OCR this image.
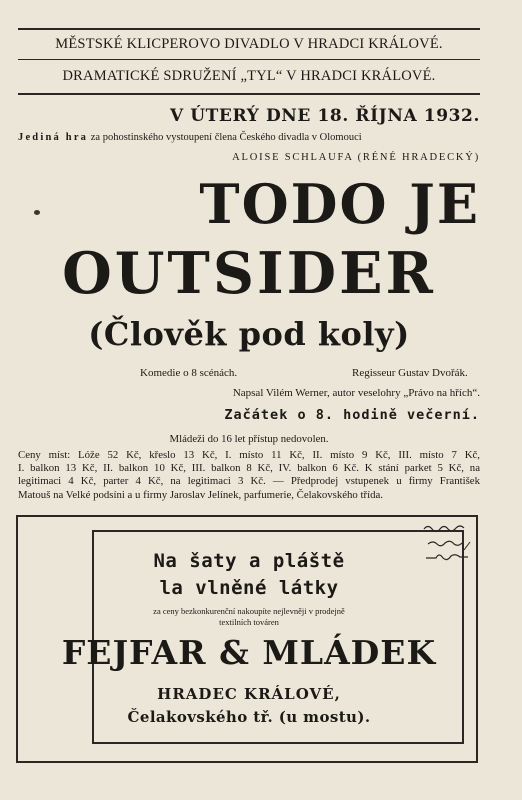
MĚSTSKÉ KLICPEROVO DIVADLO V HRADCI KRÁLOVÉ.
DRAMATICKÉ SDRUŽENÍ „TYL“ V HRADCI KRÁLOVÉ.
V ÚTERÝ DNE 18. ŘÍJNA 1932.
Jediná hra za pohostinského vystoupení člena Českého divadla v Olomouci
ALOISE SCHLAUFA (RÉNÉ HRADECKÝ)
TODO JE
OUTSIDER
(Člověk pod koly)
Komedie o 8 scénách.	Regisseur Gustav Dvořák.
Napsal Vilém Werner, autor veselohry „Právo na hřích“.
Začátek o 8. hodině večerní.
Mládeži do 16 let přístup nedovolen.
Ceny míst: Lóže 52 Kč, křeslo 13 Kč, I. místo 11 Kč, II. místo 9 Kč, III. místo 7 Kč,
I. balkon 13 Kč, II. balkon 10 Kč, III. balkon 8 Kč, IV. balkon 6 Kč. K stání parket 5 Kč, na
legitimaci 4 Kč, parter 4 Kč, na legitimaci 3 Kč. — Předprodej vstupenek u firmy František
Matouš na Velké podsíni a u firmy Jaroslav Jelínek, parfumerie, Čelakovského třída.
Na šaty a pláště
la vlněné látky
za ceny bezkonkurenční nakoupíte nejlevněji v prodejně
textilních továren
FEJFAR & MLÁDEK
HRADEC KRÁLOVÉ,
Čelakovského tř. (u mostu).
